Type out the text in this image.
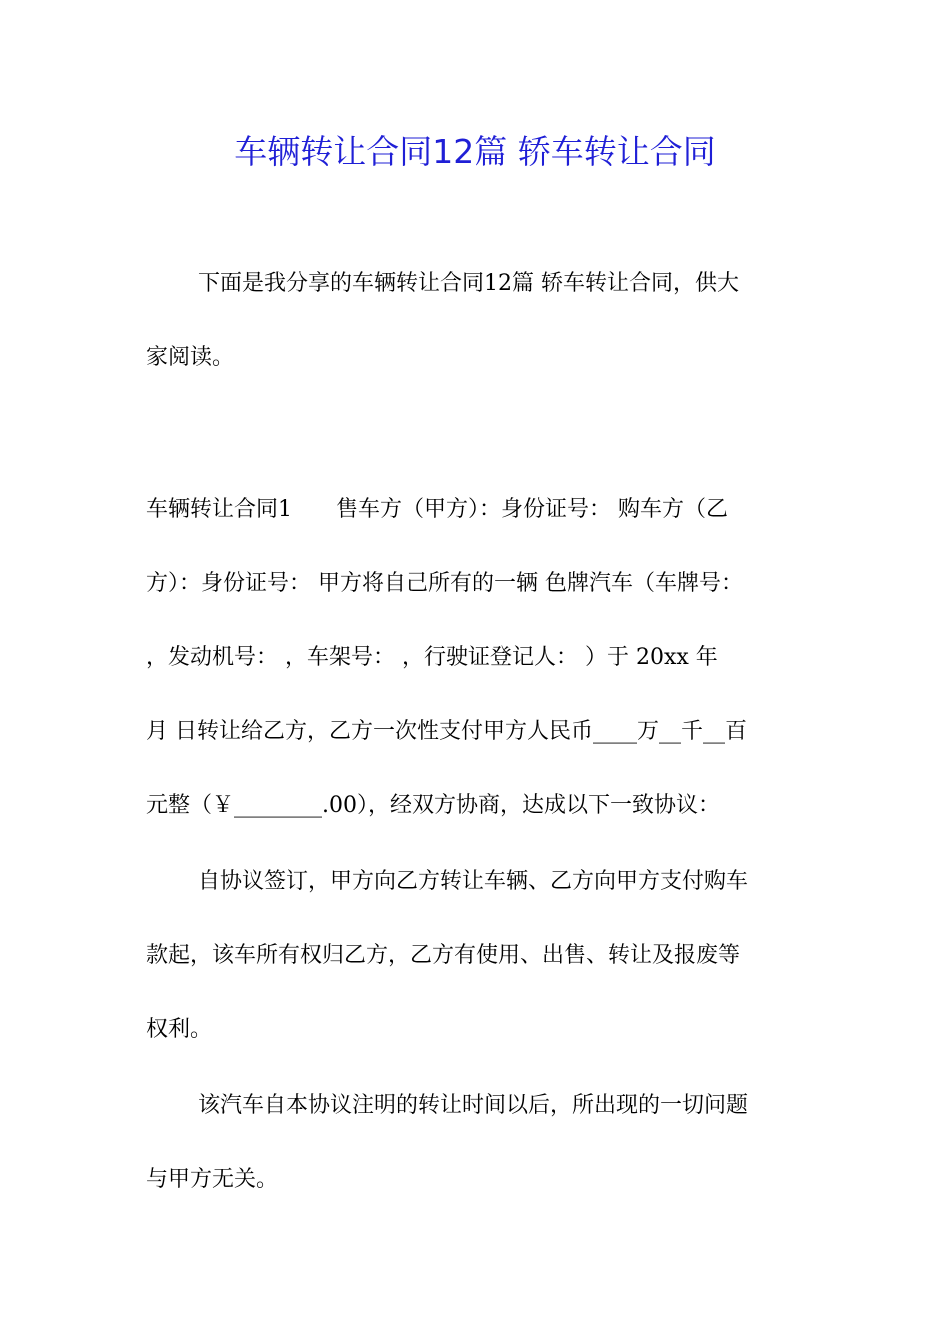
车辆转让合同12篇 轿车转让合同
下面是我分享的车辆转让合同12篇 轿车转让合同，供大
家阅读。
车辆转让合同1　　售车方（甲方）：身份证号： 购车方（乙
方）：身份证号： 甲方将自己所有的一辆 色牌汽车（车牌号：
，发动机号： ，车架号： ，行驶证登记人： ）于 20xx 年
月 日转让给乙方，乙方一次性支付甲方人民币____万__千__百
元整（￥________.00），经双方协商，达成以下一致协议：
自协议签订，甲方向乙方转让车辆、乙方向甲方支付购车
款起，该车所有权归乙方，乙方有使用、出售、转让及报废等
权利。
该汽车自本协议注明的转让时间以后，所出现的一切问题
与甲方无关。
